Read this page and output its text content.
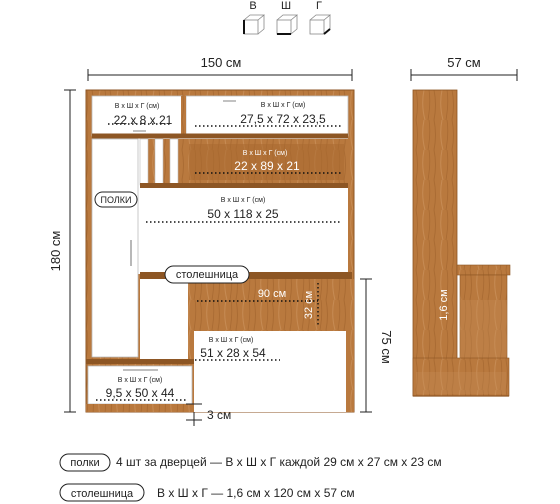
В Ш Г
150 см
180 см
В х Ш х Г (см)
22 x 8 x 21
В х Ш х Г (см)
27,5 x 72 x 23,5
В х Ш х Г (см)
22 x 89 x 21
В х Ш х Г (см)
50 x 118 x 25
В х Ш х Г (см)
51 x 28 x 54
В х Ш х Г (см)
9,5 x 50 x 44
90 см 32 см
75 см
3 см
ПОЛКИ
столешница
57 см
1,6 см
полки 4 шт за дверцей — В х Ш х Г каждой 29 см х 27 см х 23 см
столешница В х Ш х Г — 1,6 см х 120 см х 57 см
